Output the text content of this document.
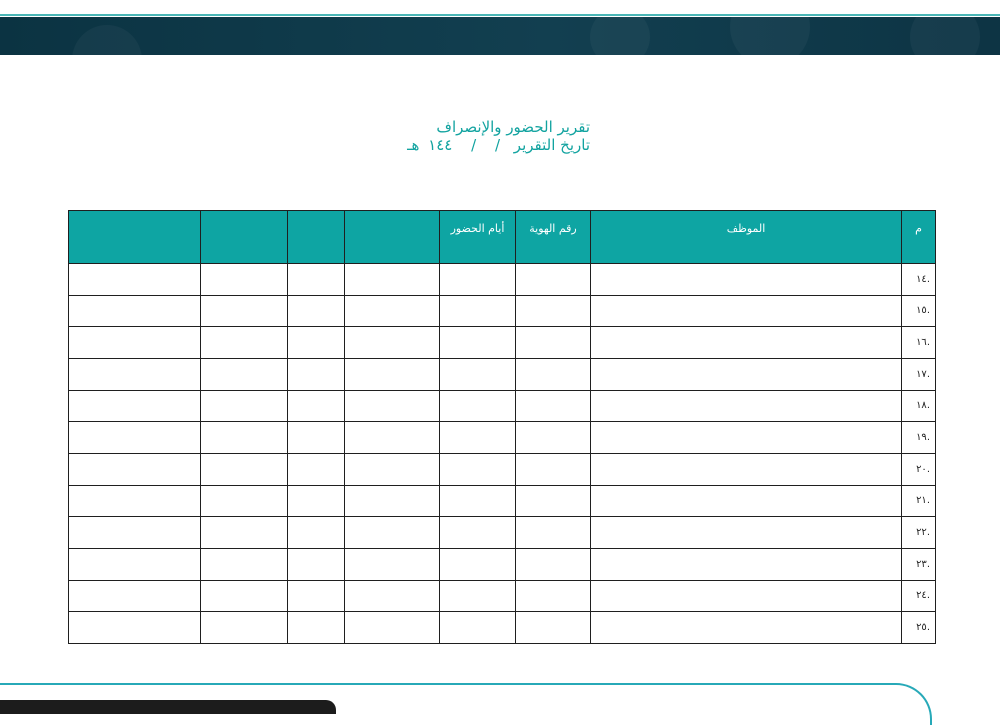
تقرير الحضور والإنصراف
تاريخ التقرير / / ١٤٤ هـ
م	الموظف	رقم الهوية	أيام الحضور				
.١٤							
.١٥							
.١٦							
.١٧							
.١٨							
.١٩							
.٢٠							
.٢١							
.٢٢							
.٢٣							
.٢٤							
.٢٥							
